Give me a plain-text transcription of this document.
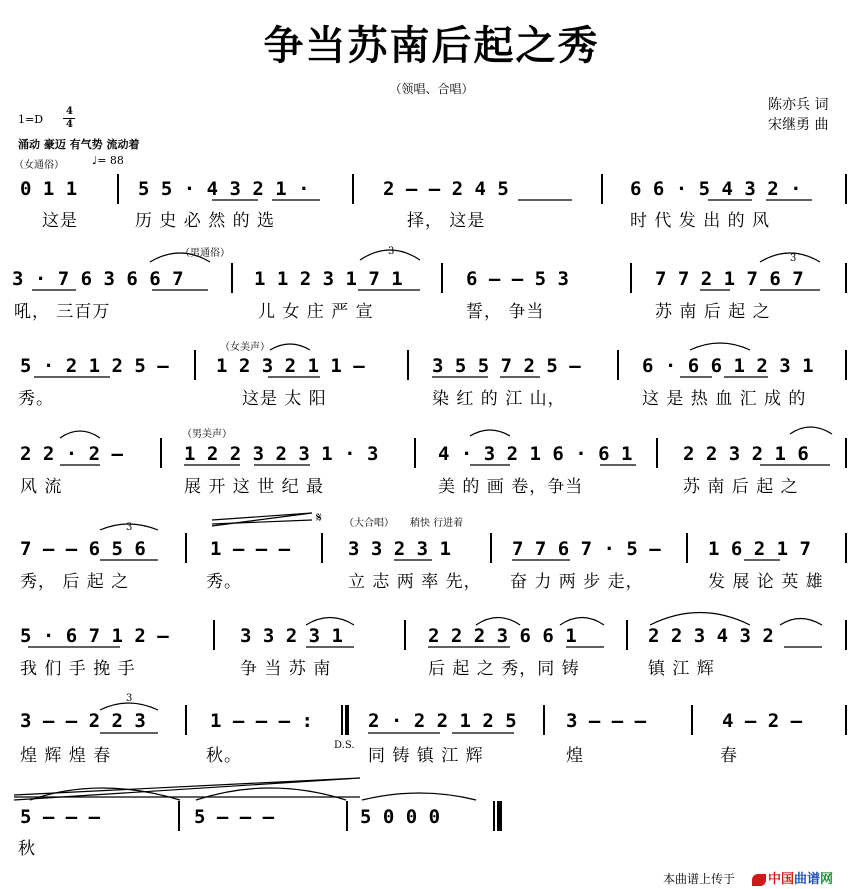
争当苏南后起之秀
（领唱、合唱）
陈亦兵 词
宋继勇 曲
1=D
4
4
涌动 豪迈 有气势 流动着
（女通俗）	♩= 88
0 1 1	5 5 · 4 3 2 1 ·	2 – – 2 4 5	6 6 · 5 4 3 2 ·
这是	历 史 必 然 的 选	择， 这是	时 代 发 出 的 风
（男通俗）	3
3
3 · 7 6 3 6 6 7	1 1 2 3 1 7 1	6 – – 5 3	7 7 2 1 7 6 7
吼， 三百万	儿 女 庄 严 宣	誓， 争当	苏 南 后 起 之
（女美声）
5 · 2 1 2 5 – 1 2 3 2 1 1 –	3 5 5 7 2 5 –	6 · 6 6 1 2 3 1
秀。	这是 太 阳	染 红 的 江 山，	这 是 热 血 汇 成 的
（男美声）
2 2 · 2 –	1 2 2 3 2 3 1 · 3	4 · 3 2 1 6 · 6 1	2 2 3 2 1 6
风 流	展 开 这 世 纪 最	美 的 画 卷，争当	苏 南 后 起 之
𝄋 （大合唱） 稍快 行进着
3
7 – – 6 5 6	1 – – –	3 3 2 3 1	7 7 6 7 · 5 – 1 6 2 1 7
秀， 后 起 之	秀。	立 志 两 率 先， 奋 力 两 步 走，	发 展 论 英 雄
5 · 6 7 1 2 –	3 3 2 3 1	2 2 2 3 6 6 1	2 2 3 4 3 2
我 们 手 挽 手	争 当 苏 南	后 起 之 秀，同 铸	镇 江 辉
3
3 – – 2 2 3	1 – – – :	2 · 2 2 1 2 5	3 – – –	4 – 2 –
煌 辉 煌 春	秋。
D.S.
同 铸 镇 江 辉	煌	春
5 – – –	5 – – –	5 0 0 0
秋
本曲谱上传于	中国曲谱网
